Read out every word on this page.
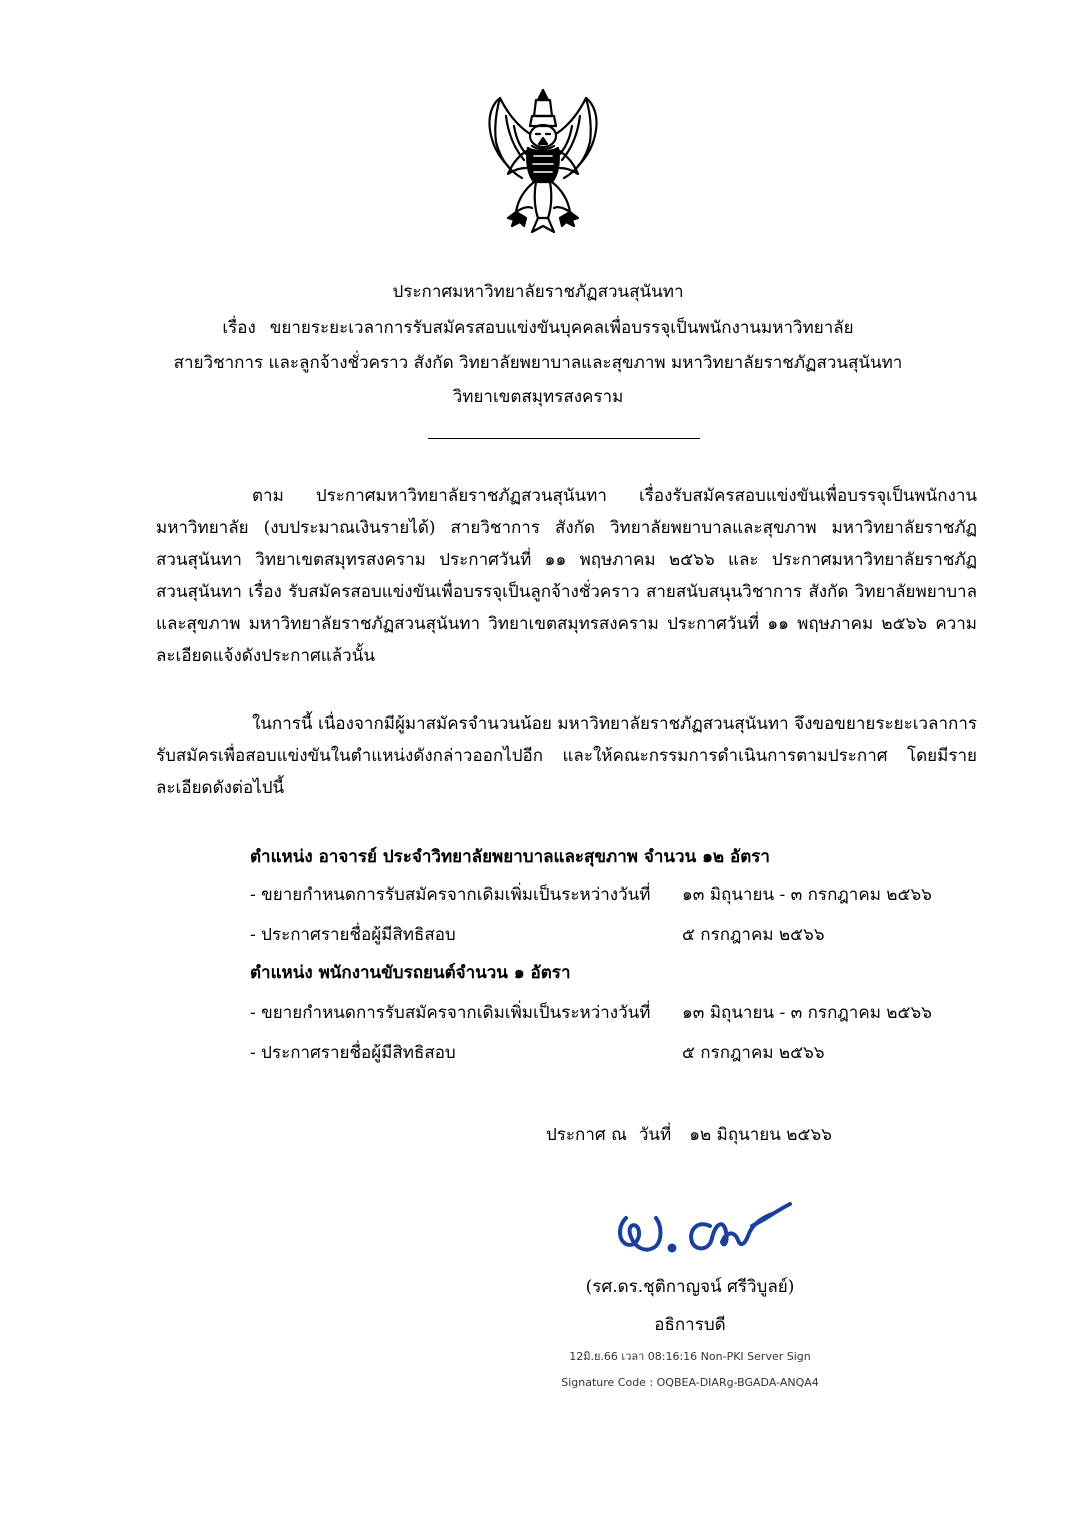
ประกาศมหาวิทยาลัยราชภัฏสวนสุนันทา
เรื่อง ขยายระยะเวลาการรับสมัครสอบแข่งขันบุคคลเพื่อบรรจุเป็นพนักงานมหาวิทยาลัย
สายวิชาการ และลูกจ้างชั่วคราว สังกัด วิทยาลัยพยาบาลและสุขภาพ มหาวิทยาลัยราชภัฏสวนสุนันทา
วิทยาเขตสมุทรสงคราม
ตาม ประกาศมหาวิทยาลัยราชภัฏสวนสุนันทา เรื่องรับสมัครสอบแข่งขันเพื่อบรรจุเป็นพนักงานมหาวิทยาลัย (งบประมาณเงินรายได้) สายวิชาการ สังกัด วิทยาลัยพยาบาลและสุขภาพ มหาวิทยาลัยราชภัฏสวนสุนันทา วิทยาเขตสมุทรสงคราม ประกาศวันที่ ๑๑ พฤษภาคม ๒๕๖๖ และ ประกาศมหาวิทยาลัยราชภัฏสวนสุนันทา เรื่อง รับสมัครสอบแข่งขันเพื่อบรรจุเป็นลูกจ้างชั่วคราว สายสนับสนุนวิชาการ สังกัด วิทยาลัยพยาบาลและสุขภาพ มหาวิทยาลัยราชภัฏสวนสุนันทา วิทยาเขตสมุทรสงคราม ประกาศวันที่ ๑๑ พฤษภาคม ๒๕๖๖ ความละเอียดแจ้งดังประกาศแล้วนั้น
ในการนี้ เนื่องจากมีผู้มาสมัครจำนวนน้อย มหาวิทยาลัยราชภัฏสวนสุนันทา จึงขอขยายระยะเวลาการรับสมัครเพื่อสอบแข่งขันในตำแหน่งดังกล่าวออกไปอีก และให้คณะกรรมการดำเนินการตามประกาศ โดยมีรายละเอียดดังต่อไปนี้
ตำแหน่ง อาจารย์ ประจำวิทยาลัยพยาบาลและสุขภาพ จำนวน ๑๒ อัตรา
- ขยายกำหนดการรับสมัครจากเดิมเพิ่มเป็นระหว่างวันที่ ๑๓ มิถุนายน - ๓ กรกฎาคม ๒๕๖๖
- ประกาศรายชื่อผู้มีสิทธิสอบ	๕ กรกฎาคม ๒๕๖๖
ตำแหน่ง พนักงานขับรถยนต์จำนวน ๑ อัตรา
- ขยายกำหนดการรับสมัครจากเดิมเพิ่มเป็นระหว่างวันที่ ๑๓ มิถุนายน - ๓ กรกฎาคม ๒๕๖๖
- ประกาศรายชื่อผู้มีสิทธิสอบ	๕ กรกฎาคม ๒๕๖๖
ประกาศ ณ วันที่ ๑๒ มิถุนายน ๒๕๖๖
(รศ.ดร.ชุติกาญจน์ ศรีวิบูลย์)
อธิการบดี
12มิ.ย.66 เวลา 08:16:16 Non-PKI Server Sign
Signature Code : OQBEA-DIARg-BGADA-ANQA4
